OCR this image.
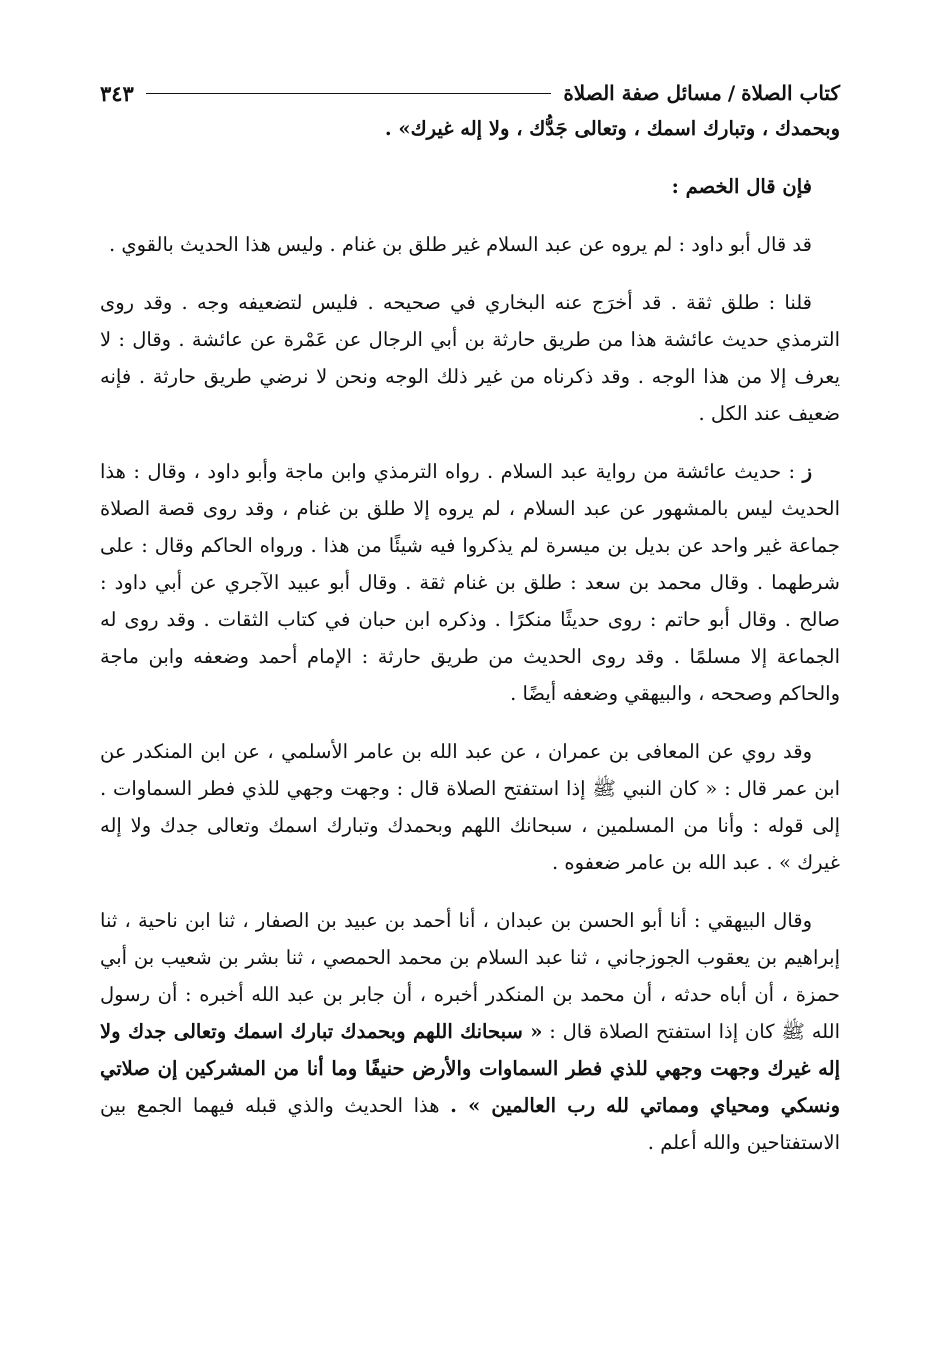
كتاب الصلاة
/
مسائل صفة الصلاة
٣٤٣

وبحمدك ، وتبارك اسمك ، وتعالى جَدُّك ، ولا إله غيرك» .

فإن قال الخصم :

قد قال أبو داود : لم يروه عن عبد السلام غير طلق بن غنام . وليس هذا الحديث بالقوي .

قلنا : طلق ثقة . قد أخرَج عنه البخاري في صحيحه . فليس لتضعيفه وجه . وقد روى الترمذي حديث عائشة هذا من طريق حارثة بن أبي الرجال عن عَمْرة عن عائشة . وقال : لا يعرف إلا من هذا الوجه . وقد ذكرناه من غير ذلك الوجه ونحن لا نرضي طريق حارثة . فإنه ضعيف عند الكل .

ز : حديث عائشة من رواية عبد السلام . رواه الترمذي وابن ماجة وأبو داود ، وقال : هذا الحديث ليس بالمشهور عن عبد السلام ، لم يروه إلا طلق بن غنام ، وقد روى قصة الصلاة جماعة غير واحد عن بديل بن ميسرة لم يذكروا فيه شيئًا من هذا . ورواه الحاكم وقال : على شرطهما . وقال محمد بن سعد : طلق بن غنام ثقة . وقال أبو عبيد الآجري عن أبي داود : صالح . وقال أبو حاتم : روى حديثًا منكرًا . وذكره ابن حبان في كتاب الثقات . وقد روى له الجماعة إلا مسلمًا . وقد روى الحديث من طريق حارثة : الإمام أحمد وضعفه وابن ماجة والحاكم وصححه ، والبيهقي وضعفه أيضًا .

وقد روي عن المعافى بن عمران ، عن عبد الله بن عامر الأسلمي ، عن ابن المنكدر عن ابن عمر قال : « كان النبي ﷺ إذا استفتح الصلاة قال : وجهت وجهي للذي فطر السماوات . إلى قوله : وأنا من المسلمين ، سبحانك اللهم وبحمدك وتبارك اسمك وتعالى جدك ولا إله غيرك » . عبد الله بن عامر ضعفوه .

وقال البيهقي : أنا أبو الحسن بن عبدان ، أنا أحمد بن عبيد بن الصفار ، ثنا ابن ناحية ، ثنا إبراهيم بن يعقوب الجوزجاني ، ثنا عبد السلام بن محمد الحمصي ، ثنا بشر بن شعيب بن أبي حمزة ، أن أباه حدثه ، أن محمد بن المنكدر أخبره ، أن جابر بن عبد الله أخبره : أن رسول الله ﷺ كان إذا استفتح الصلاة قال : « سبحانك اللهم وبحمدك تبارك اسمك وتعالى جدك ولا إله غيرك وجهت وجهي للذي فطر السماوات والأرض حنيفًا وما أنا من المشركين إن صلاتي ونسكي ومحياي ومماتي لله رب العالمين » . هذا الحديث والذي قبله فيهما الجمع بين الاستفتاحين والله أعلم .
